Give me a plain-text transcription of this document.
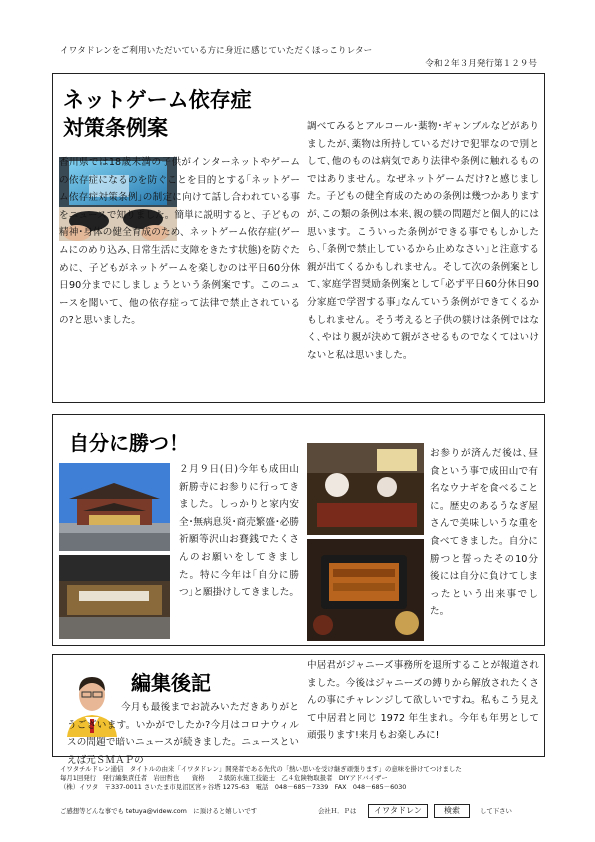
イワタドレンをご利用いただいている方に身近に感じていただくほっこりレター
令和２年３月発行第１２９号
ネットゲーム依存症
対策条例案
香川県では18歳未満の子供がインターネットやゲームの依存症になるのを防ぐことを目的とする｢ネットゲーム依存症対策条例｣の制定に向けて話し合われている事をニュースで知りました。簡単に説明すると、子どもの精神･身体の健全育成のため、ネットゲーム依存症(ゲームにのめり込み､日常生活に支障をきたす状態)を防ぐために、子どもがネットゲームを楽しむのは平日60分休日90分までにしましょうという条例案です。このニュースを聞いて、他の依存症って法律で禁止されているの?と思いました。
調べてみるとアルコール･薬物･ギャンブルなどがありましたが､薬物は所持しているだけで犯罪なので別として､他のものは病気であり法律や条例に触れるものではありません。なぜネットゲームだけ?と感じました。子どもの健全育成のための条例は幾つかありますが､この類の条例は本来､親の躾の問題だと個人的には思います。こういった条例ができる事でもしかしたら､｢条例で禁止しているから止めなさい｣と注意する親が出てくるかもしれません。そして次の条例案として､家庭学習奨励条例案として｢必ず平日60分休日90分家庭で学習する事｣なんていう条例ができてくるかもしれません。そう考えると子供の躾けは条例ではなく､やはり親が決めて親がさせるものでなくてはいけないと私は思いました。
自分に勝つ！
２月９日(日)今年も成田山新勝寺にお参りに行ってきました。しっかりと家内安全･無病息災･商売繁盛･必勝祈願等沢山お賽銭でたくさんのお願いをしてきました。特に今年は｢自分に勝つ｣と願掛けしてきました。
お参りが済んだ後は､昼食という事で成田山で有名なウナギを食べることに。歴史のあるうなぎ屋さんで美味しいうな重を食べてきました。自分に勝つと誓ったその10分後には自分に負けてしまったという出来事でした。
編集後記
今月も最後までお読みいただきありがとうございます。いかがでしたか?今月はコロナウィルスの問題で暗いニュースが続きました。ニュースといえば元ＳＭＡＰの
中居君がジャニーズ事務所を退所することが報道されました。今後はジャニーズの縛りから解放されたくさんの事にチャレンジして欲しいですね。私もこう見えて中居君と同じ 1972 年生まれ。今年も年男として頑張ります!来月もお楽しみに!
イワタチルドレン通信　タイトルの由来「イワタドレン」開発者である先代の「熱い思いを受け継ぎ頑張ります」の意味を掛けてつけました
毎月1回発行　発行編集責任者　岩田哲也　　資格　　２級防水施工技能士　乙４危険物取扱者　DIYアドバイザー
（株）イワタ　〒337-0011 さいたま市見沼区宮ヶ谷塔 1275-63　電話　048－685－7339　FAX　048－685－6030
ご感想等どんな事でも tetuya@videw.com　に頂けると嬉しいです	会社Ｈ．Ｐは	イワタドレン	検索	して下さい
